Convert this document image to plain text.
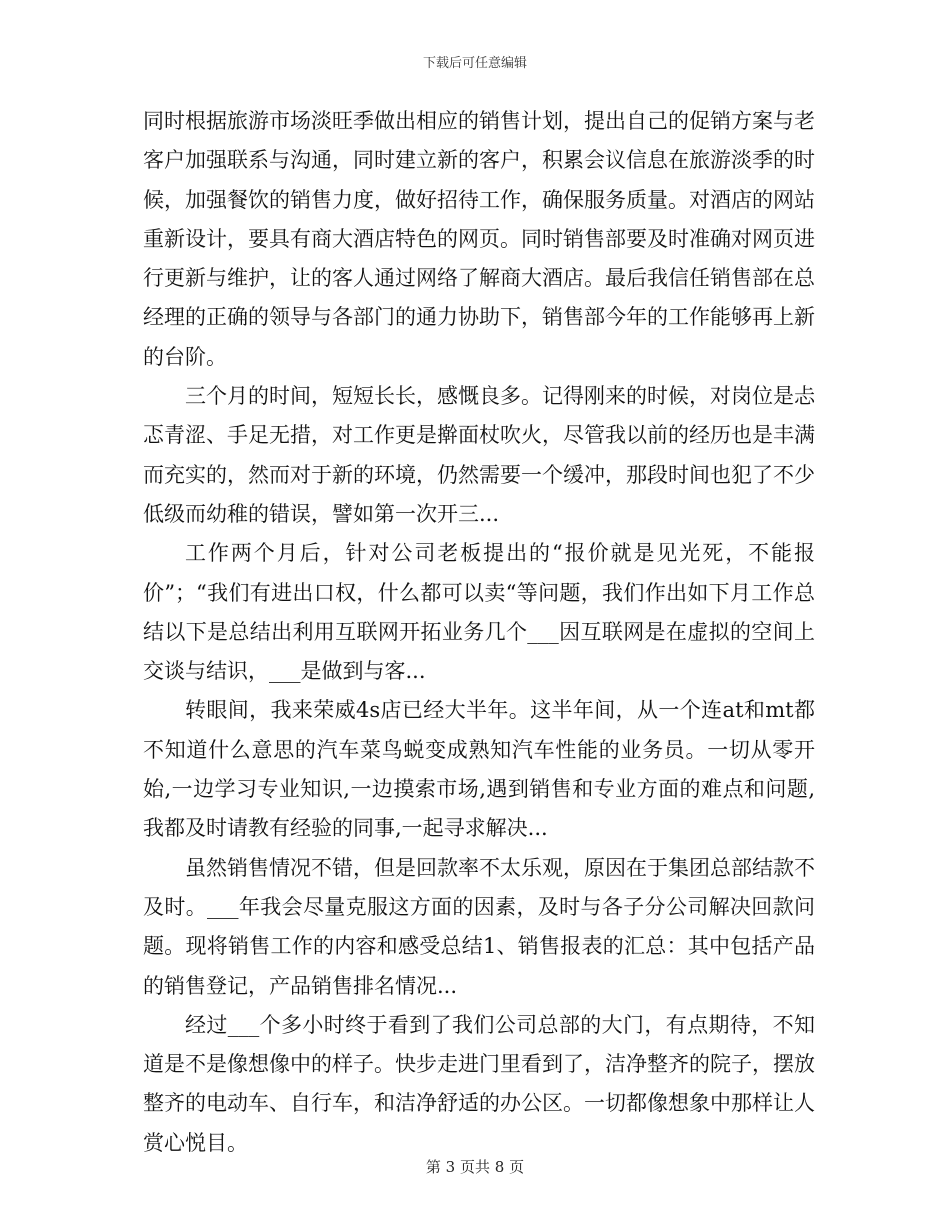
下载后可任意编辑

同时根据旅游市场淡旺季做出相应的销售计划，提出自己的促销方案与老客户加强联系与沟通，同时建立新的客户，积累会议信息在旅游淡季的时候，加强餐饮的销售力度，做好招待工作，确保服务质量。对酒店的网站重新设计，要具有商大酒店特色的网页。同时销售部要及时准确对网页进行更新与维护，让的客人通过网络了解商大酒店。最后我信任销售部在总经理的正确的领导与各部门的通力协助下，销售部今年的工作能够再上新的台阶。

三个月的时间，短短长长，感慨良多。记得刚来的时候，对岗位是忐忑青涩、手足无措，对工作更是擀面杖吹火，尽管我以前的经历也是丰满而充实的，然而对于新的环境，仍然需要一个缓冲，那段时间也犯了不少低级而幼稚的错误，譬如第一次开三...

工作两个月后，针对公司老板提出的“报价就是见光死，不能报价”；“我们有进出口权，什么都可以卖“等问题，我们作出如下月工作总结以下是总结出利用互联网开拓业务几个___因互联网是在虚拟的空间上交谈与结识，___是做到与客...

转眼间，我来荣威4s店已经大半年。这半年间，从一个连at和mt都不知道什么意思的汽车菜鸟蜕变成熟知汽车性能的业务员。一切从零开始,一边学习专业知识,一边摸索市场,遇到销售和专业方面的难点和问题,我都及时请教有经验的同事,一起寻求解决...

虽然销售情况不错，但是回款率不太乐观，原因在于集团总部结款不及时。___年我会尽量克服这方面的因素，及时与各子分公司解决回款问题。现将销售工作的内容和感受总结1、销售报表的汇总：其中包括产品的销售登记，产品销售排名情况...

经过___个多小时终于看到了我们公司总部的大门，有点期待，不知道是不是像想像中的样子。快步走进门里看到了，洁净整齐的院子，摆放整齐的电动车、自行车，和洁净舒适的办公区。一切都像想象中那样让人赏心悦目。

第 3 页共 8 页
